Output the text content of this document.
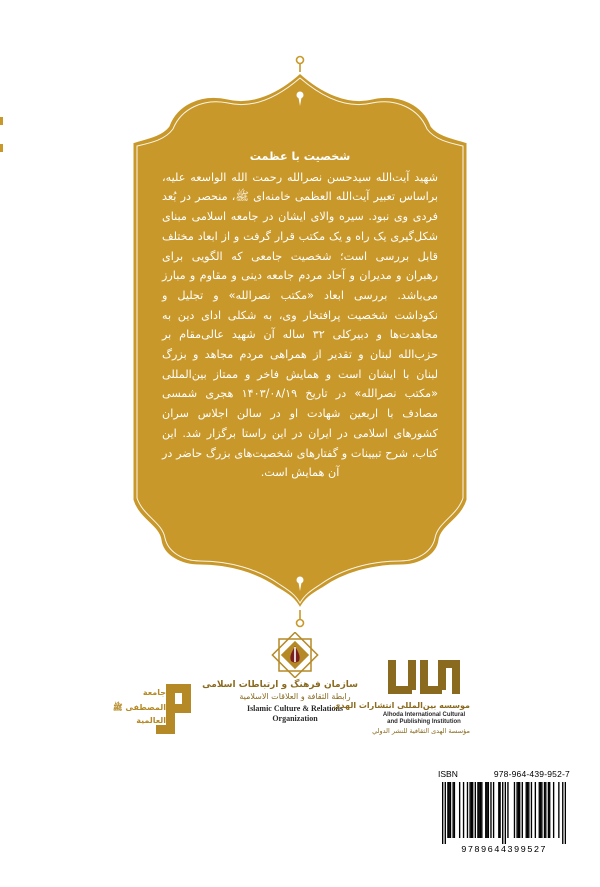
شخصیت با عظمت
شهید آیت‌الله سیدحسن نصرالله رحمت الله الواسعه علیه، براساس تعبیر آیت‌الله العظمی خامنه‌ای ﷺ، منحصر در بُعد فردی وی نبود. سیره والای ایشان در جامعه اسلامی مبنای شکل‌گیری یک راه و یک مکتب قرار گرفت و از ابعاد مختلف قابل بررسی است؛ شخصیت جامعی که الگویی برای رهبران و مدیران و آحاد مردم جامعه دینی و مقاوم و مبارز می‌باشد. بررسی ابعاد «مکتب نصرالله» و تجلیل و نکوداشت شخصیت پرافتخار وی، به شکلی ادای دین به مجاهدت‌ها و دبیرکلی ۳۲ ساله آن شهید عالی‌مقام بر حزب‌الله لبنان و تقدیر از همراهی مردم مجاهد و بزرگ لبنان با ایشان است و همایش فاخر و ممتاز بین‌المللی «مکتب نصرالله» در تاریخ ۱۴۰۳/۰۸/۱۹ هجری شمسی مصادف با اربعین شهادت او در سالن اجلاس سران کشورهای اسلامی در ایران در این راستا برگزار شد. این کتاب، شرح تبیینات و گفتارهای شخصیت‌های بزرگ حاضر در آن همایش است.
جامعة
المصطفى ﷺ
العالمية
سازمان فرهنگ و ارتباطات اسلامی
رابطة الثقافة و العلاقات الاسلامية
Islamic Culture & Relations
Organization
موسسه بین‌المللی انتشارات الهدی
Alhoda International Cultural
and Publishing Institution
مؤسسة الهدی الثقافیة للنشر الدولي
ISBN	978-964-439-952-7
9789644399527
